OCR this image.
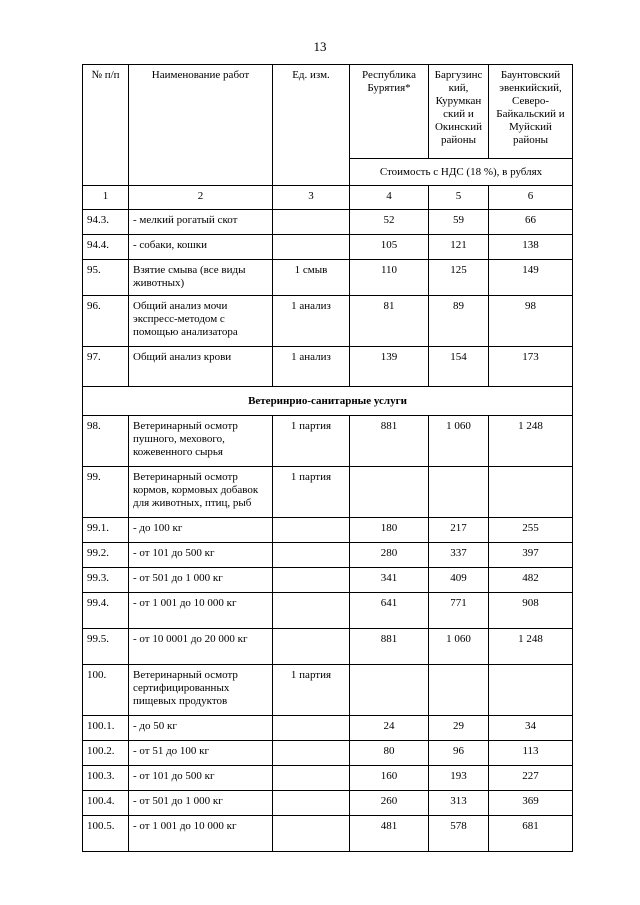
13
№ п/п	Наименование работ	Ед. изм.	Республика Бурятия*	Баргузинс кий, Курумкан ский и Окинский районы	Баунтовский эвенкийский, Северо-Байкальский и Муйский районы
			Стоимость с НДС (18 %), в рублях		
1	2	3	4	5	6
94.3.	- мелкий рогатый скот		52	59	66
94.4.	- собаки, кошки		105	121	138
95.	Взятие смыва (все виды животных)	1 смыв	110	125	149
96.	Общий анализ мочи экспресс-методом с помощью анализатора	1 анализ	81	89	98
97.	Общий анализ крови	1 анализ	139	154	173
Ветеринрио-санитарные услуги					
98.	Ветеринарный осмотр пушного, мехового, кожевенного сырья	1 партия	881	1 060	1 248
99.	Ветеринарный осмотр кормов, кормовых добавок для животных, птиц, рыб	1 партия			
99.1.	- до 100 кг		180	217	255
99.2.	- от 101 до 500 кг		280	337	397
99.3.	- от 501 до 1 000 кг		341	409	482
99.4.	- от 1 001 до 10 000 кг		641	771	908
99.5.	- от 10 0001 до 20 000 кг		881	1 060	1 248
100.	Ветеринарный осмотр сертифицированных пищевых продуктов	1 партия			
100.1.	- до 50 кг		24	29	34
100.2.	- от 51 до 100 кг		80	96	113
100.3.	- от 101 до 500 кг		160	193	227
100.4.	- от 501 до 1 000 кг		260	313	369
100.5.	- от 1 001 до 10 000 кг		481	578	681
